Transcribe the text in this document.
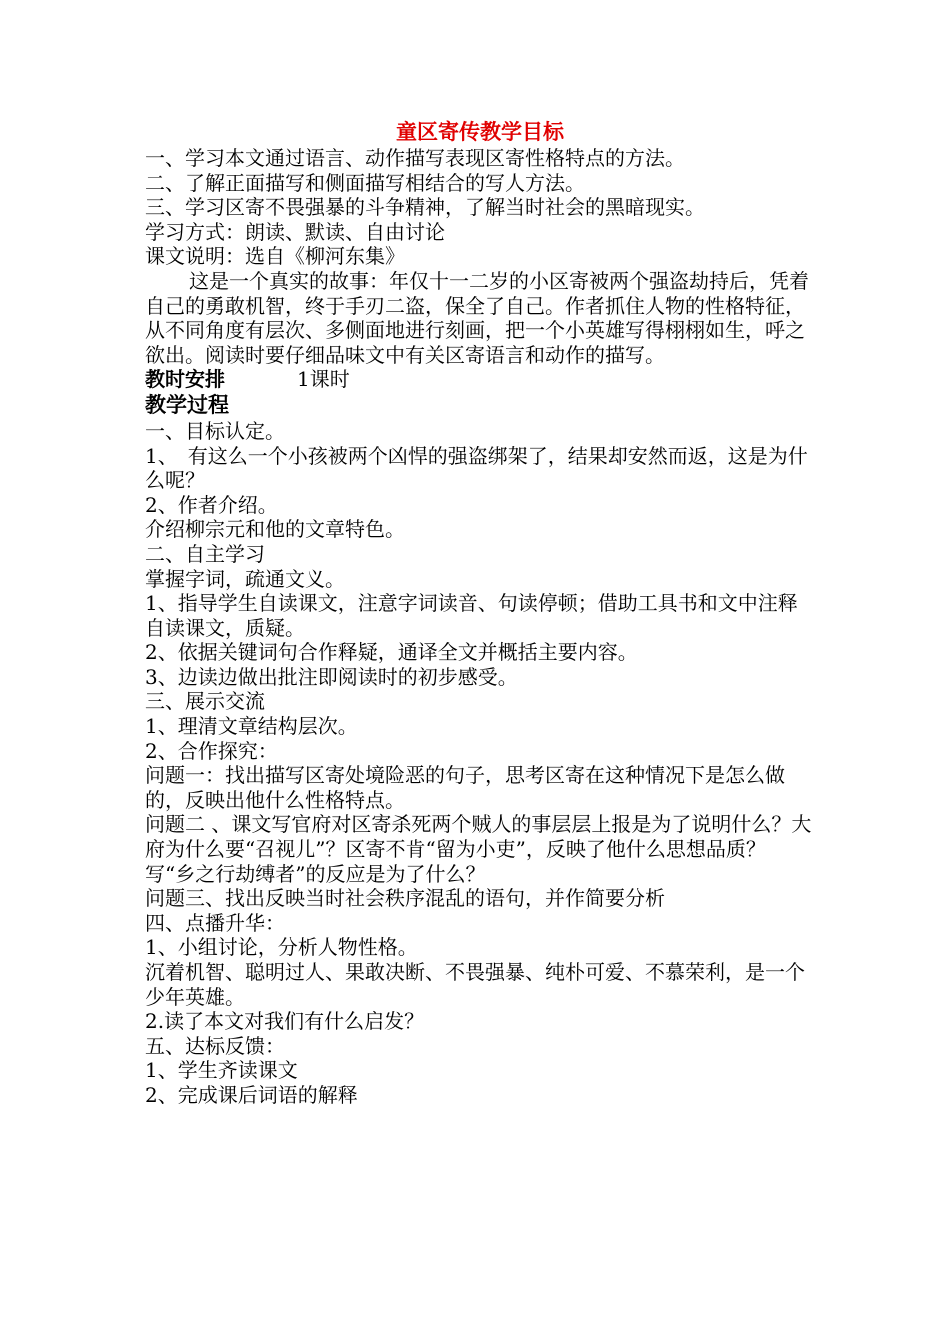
童区寄传教学目标
一、学习本文通过语言、动作描写表现区寄性格特点的方法。
二、了解正面描写和侧面描写相结合的写人方法。
三、学习区寄不畏强暴的斗争精神，了解当时社会的黑暗现实。
学习方式：朗读、默读、自由讨论
课文说明：选自《柳河东集》
这是一个真实的故事：年仅十一二岁的小区寄被两个强盗劫持后，凭着自己的勇敢机智，终于手刃二盗，保全了自己。作者抓住人物的性格特征，从不同角度有层次、多侧面地进行刻画，把一个小英雄写得栩栩如生，呼之欲出。阅读时要仔细品味文中有关区寄语言和动作的描写。
教时安排	1课时
教学过程
一、目标认定。
1、　有这么一个小孩被两个凶悍的强盗绑架了，结果却安然而返，这是为什么呢？
2、作者介绍。
介绍柳宗元和他的文章特色。
二、自主学习
掌握字词，疏通文义。
1、指导学生自读课文，注意字词读音、句读停顿；借助工具书和文中注释自读课文，质疑。
2、依据关键词句合作释疑，通译全文并概括主要内容。
3、边读边做出批注即阅读时的初步感受。
三、展示交流
1、理清文章结构层次。
2、合作探究：
问题一：找出描写区寄处境险恶的句子，思考区寄在这种情况下是怎么做的，反映出他什么性格特点。
问题二 、课文写官府对区寄杀死两个贼人的事层层上报是为了说明什么？大府为什么要“召视儿”？区寄不肯“留为小吏”，反映了他什么思想品质？写“乡之行劫缚者”的反应是为了什么？
问题三、找出反映当时社会秩序混乱的语句，并作简要分析
四、点播升华：
1、小组讨论，分析人物性格。
沉着机智、聪明过人、果敢决断、不畏强暴、纯朴可爱、不慕荣利，是一个少年英雄。
2.读了本文对我们有什么启发？
五、达标反馈：
1、学生齐读课文
2、完成课后词语的解释
